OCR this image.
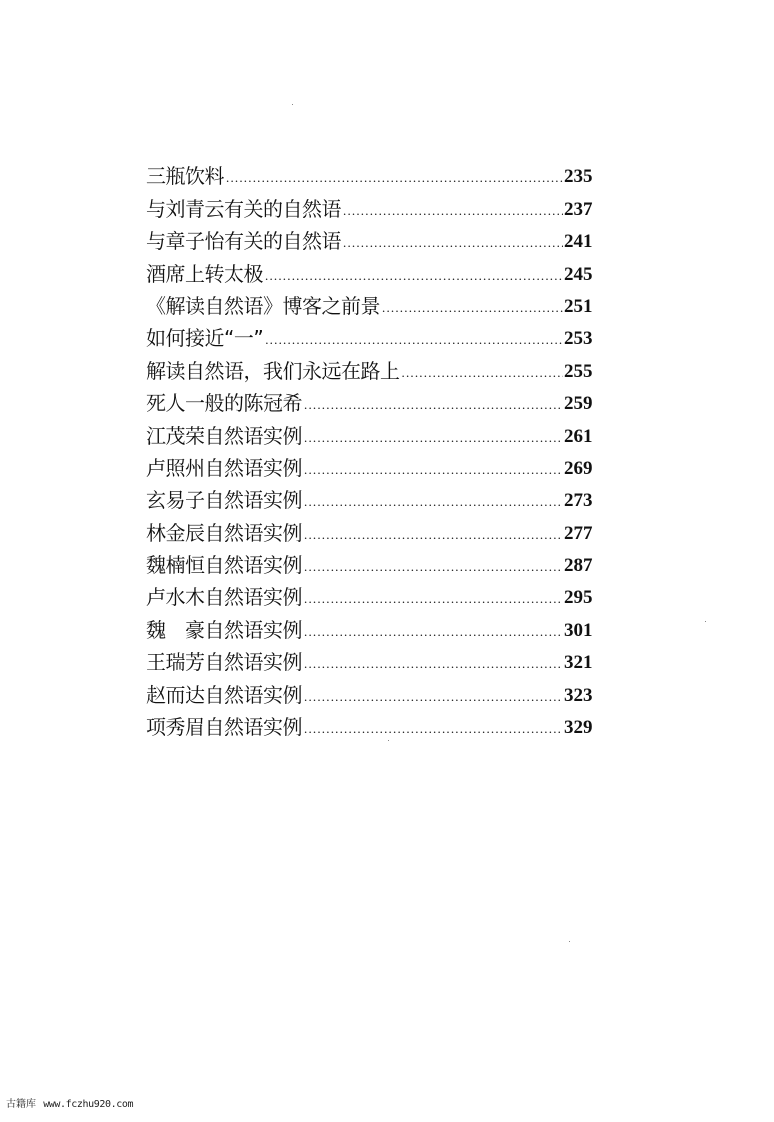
三瓶饮料 .....	235
与刘青云有关的自然语 .....	237
与章子怡有关的自然语 .....	241
酒席上转太极 .....	245
《解读自然语》博客之前景 .....	251
如何接近“一” .....	253
解读自然语，我们永远在路上 .....	255
死人一般的陈冠希 .....	259
江茂荣自然语实例 .....	261
卢照州自然语实例 .....	269
玄易子自然语实例 .....	273
林金辰自然语实例 .....	277
魏楠恒自然语实例 .....	287
卢水木自然语实例 .....	295
魏　豪自然语实例 .....	301
王瑞芳自然语实例 .....	321
赵而达自然语实例 .....	323
项秀眉自然语实例 .....	329
古籍库 www.fczhu920.com
